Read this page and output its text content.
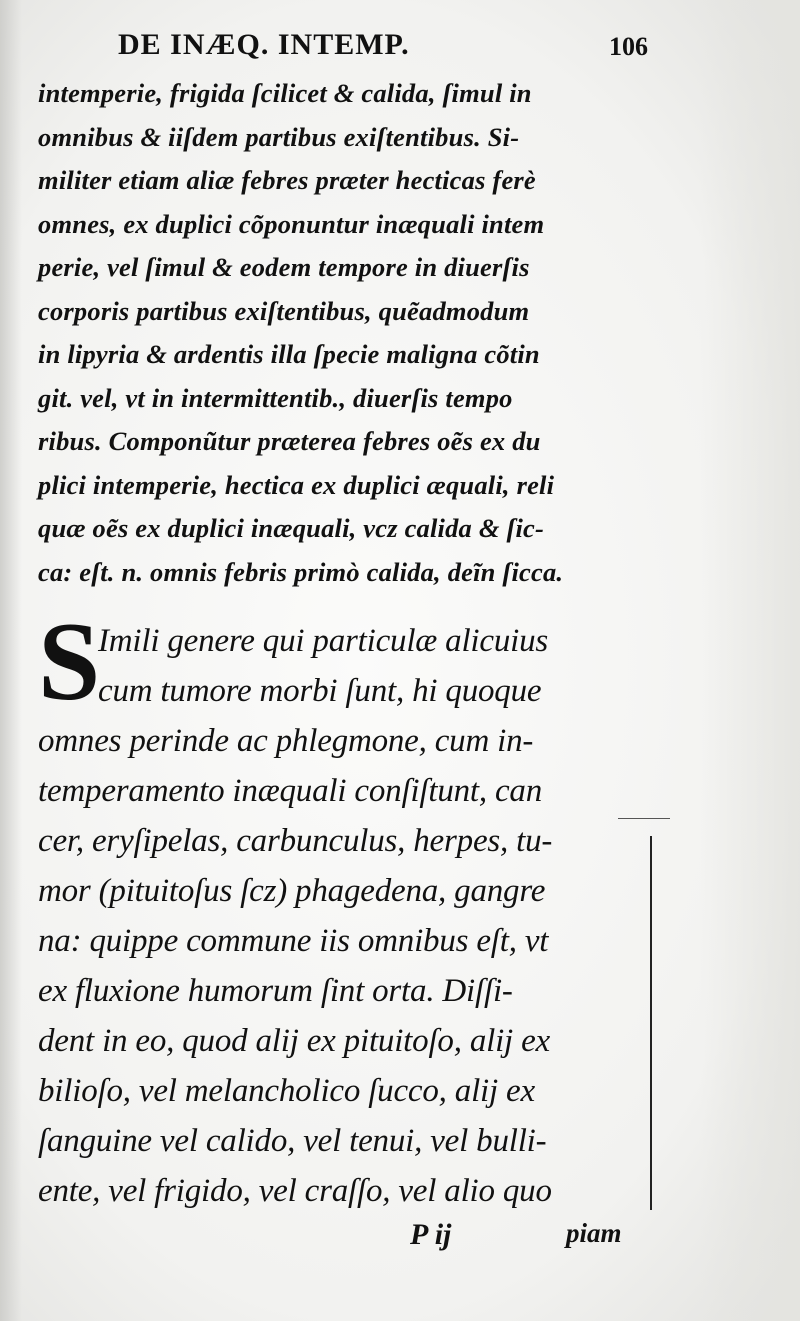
DE INÆQ. INTEMP.	106
intemperie, frigida ſcilicet & calida, ſimul in
omnibus & iiſdem partibus exiſtentibus. Si-
militer etiam aliæ febres præter hecticas ferè
omnes, ex duplici cõponuntur inæquali intem
perie, vel ſimul & eodem tempore in diuerſis
corporis partibus exiſtentibus, quẽadmodum
in lipyria & ardentis illa ſpecie maligna cõtin
git. vel, vt in intermittentib., diuerſis tempo
ribus. Componũtur præterea febres oẽs ex du
plici intemperie, hectica ex duplici æquali, reli
quæ oẽs ex duplici inæquali, vcz calida & ſic-
ca: eſt. n. omnis febris primò calida, deĩn ſicca.
S
Imili genere qui particulæ alicuius
cum tumore morbi ſunt, hi quoque
omnes perinde ac phlegmone, cum in-
temperamento inæquali conſiſtunt, can
cer, eryſipelas, carbunculus, herpes, tu-
mor (pituitoſus ſcz) phagedena, gangre
na: quippe commune iis omnibus eſt, vt
ex fluxione humorum ſint orta. Diſſi-
dent in eo, quod alij ex pituitoſo, alij ex
bilioſo, vel melancholico ſucco, alij ex
ſanguine vel calido, vel tenui, vel bulli-
ente, vel frigido, vel craſſo, vel alio quo
P ij	piam
